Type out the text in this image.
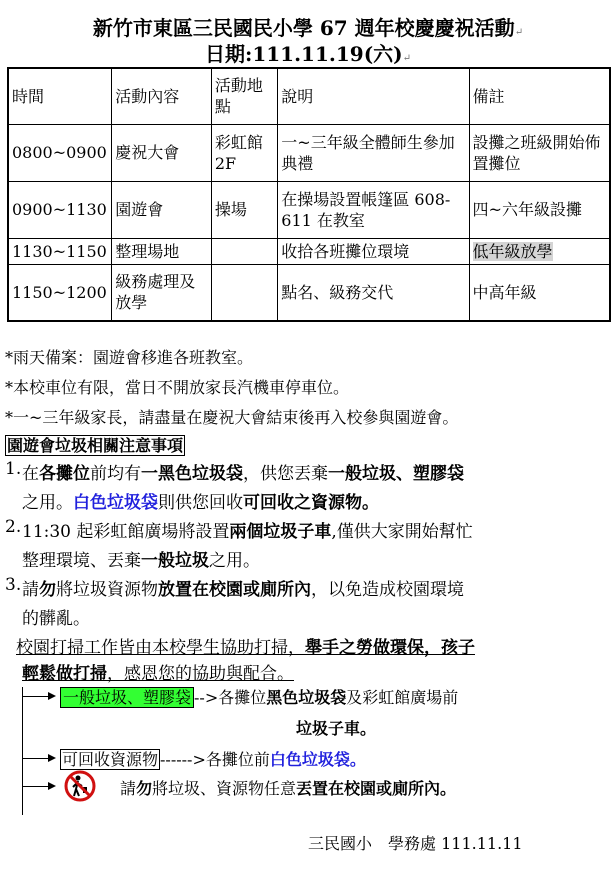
新竹市東區三民國民小學 67 週年校慶慶祝活動↵
日期:111.11.19(六)↵
時間	活動內容	活動地點	說明	備註
0800~0900	慶祝大會	彩虹館 2F	一~三年級全體師生參加典禮	設攤之班級開始佈置攤位
0900~1130	園遊會	操場	在操場設置帳篷區 608-611 在教室	四~六年級設攤
1130~1150	整理場地		收拾各班攤位環境	低年級放學
1150~1200	級務處理及放學		點名、級務交代	中高年級
*雨天備案：園遊會移進各班教室。
*本校車位有限，當日不開放家長汽機車停車位。
*一~三年級家長，請盡量在慶祝大會結束後再入校參與園遊會。
園遊會垃圾相關注意事項
1. 在各攤位前均有一黑色垃圾袋，供您丟棄一般垃圾、塑膠袋
之用。白色垃圾袋則供您回收可回收之資源物。
2. 11:30 起彩虹館廣場將設置兩個垃圾子車,僅供大家開始幫忙
整理環境、丟棄一般垃圾之用。
3. 請勿將垃圾資源物放置在校園或廁所內，以免造成校園環境
的髒亂。
校園打掃工作皆由本校學生協助打掃，舉手之勞做環保，孩子
輕鬆做打掃，感恩您的協助與配合。
一般垃圾、塑膠袋 -->各攤位黑色垃圾袋及彩虹館廣場前
垃圾子車。
可回收資源物 ------>各攤位前白色垃圾袋。
請勿將垃圾、資源物任意丟置在校園或廁所內。
三民國小　學務處 111.11.11
